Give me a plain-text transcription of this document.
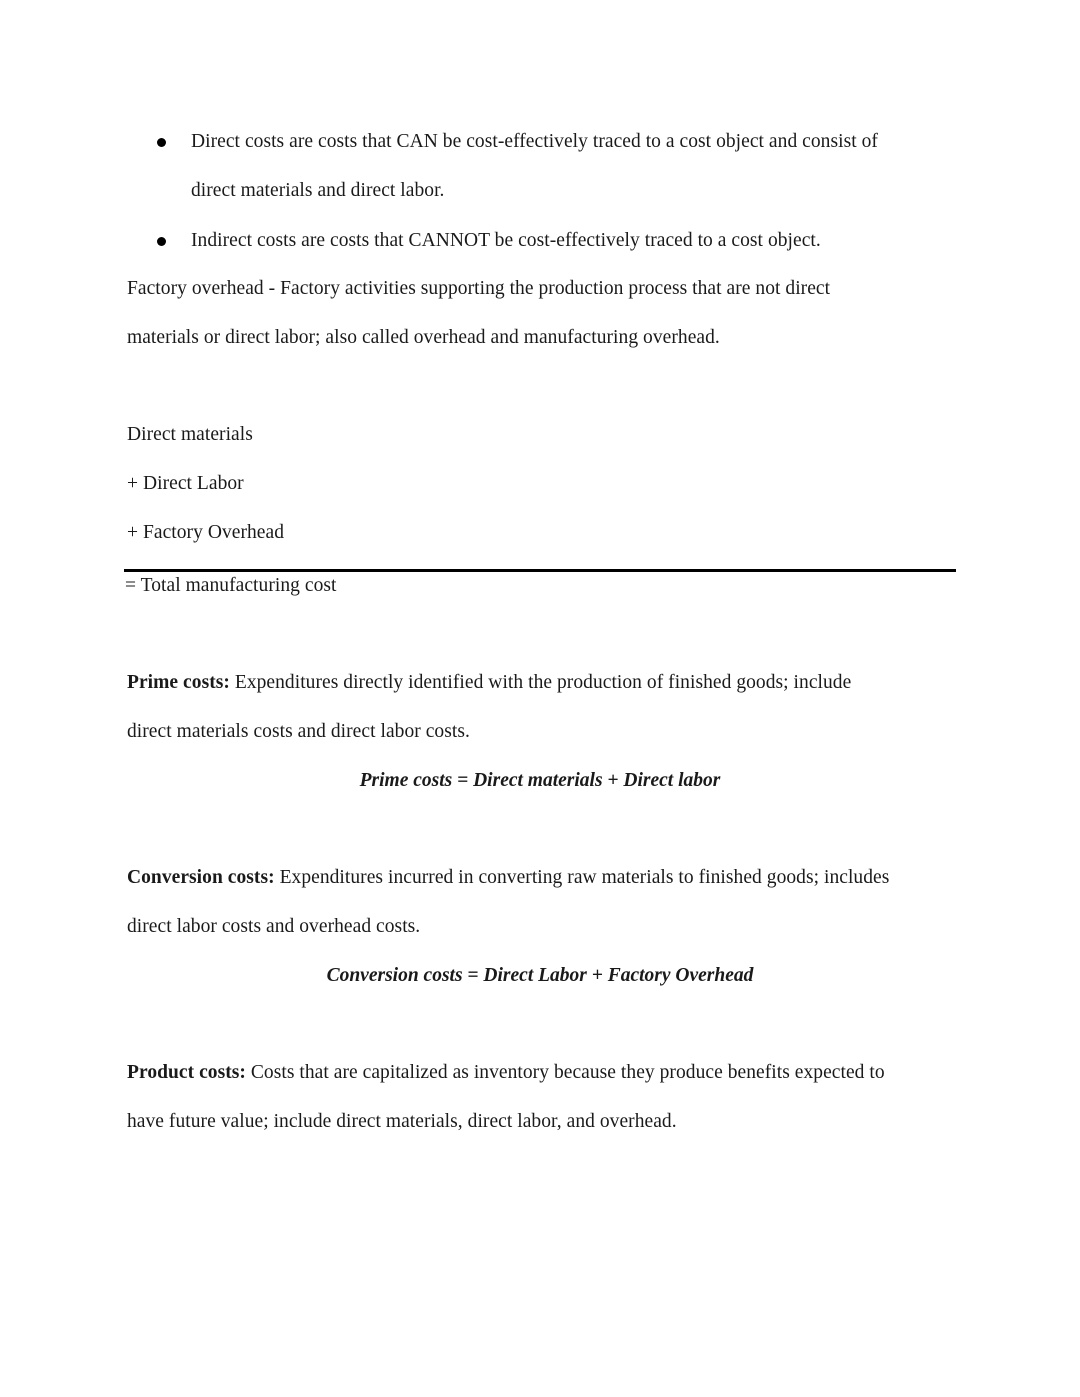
Direct costs are costs that CAN be cost-effectively traced to a cost object and consist of
direct materials and direct labor.
Indirect costs are costs that CANNOT be cost-effectively traced to a cost object.
Factory overhead - Factory activities supporting the production process that are not direct
materials or direct labor; also called overhead and manufacturing overhead.
Direct materials
+ Direct Labor
+ Factory Overhead
= Total manufacturing cost
Prime costs: Expenditures directly identified with the production of finished goods; include
direct materials costs and direct labor costs.
Prime costs = Direct materials + Direct labor
Conversion costs: Expenditures incurred in converting raw materials to finished goods; includes
direct labor costs and overhead costs.
Conversion costs = Direct Labor + Factory Overhead
Product costs: Costs that are capitalized as inventory because they produce benefits expected to
have future value; include direct materials, direct labor, and overhead.
